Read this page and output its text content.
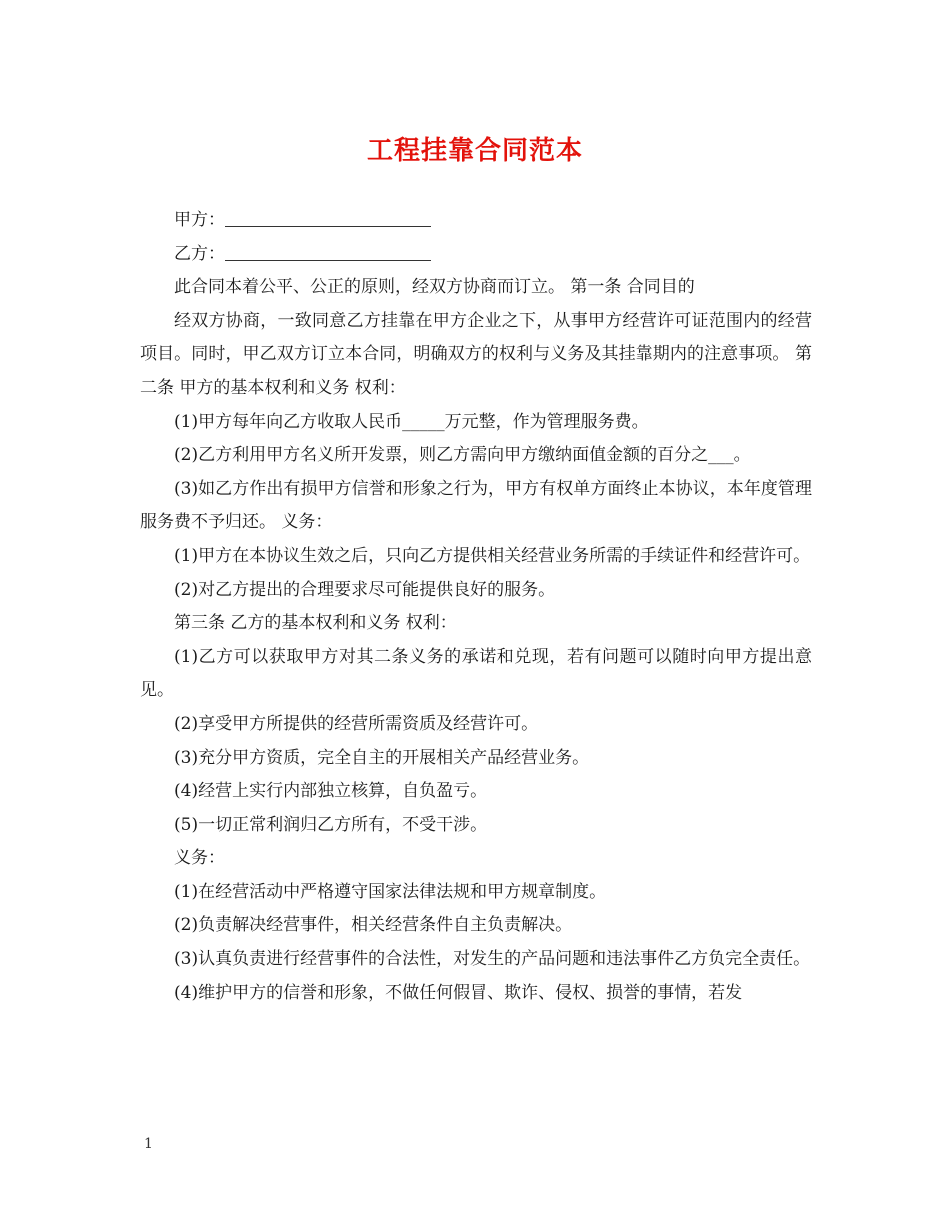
工程挂靠合同范本

甲方：

乙方：

此合同本着公平、公正的原则，经双方协商而订立。 第一条 合同目的

经双方协商，一致同意乙方挂靠在甲方企业之下，从事甲方经营许可证范围内的经营项目。同时，甲乙双方订立本合同，明确双方的权利与义务及其挂靠期内的注意事项。 第二条 甲方的基本权利和义务 权利：

(1)甲方每年向乙方收取人民币_____万元整，作为管理服务费。

(2)乙方利用甲方名义所开发票，则乙方需向甲方缴纳面值金额的百分之___。

(3)如乙方作出有损甲方信誉和形象之行为，甲方有权单方面终止本协议，本年度管理服务费不予归还。 义务：

(1)甲方在本协议生效之后，只向乙方提供相关经营业务所需的手续证件和经营许可。

(2)对乙方提出的合理要求尽可能提供良好的服务。

第三条 乙方的基本权利和义务 权利：

(1)乙方可以获取甲方对其二条义务的承诺和兑现，若有问题可以随时向甲方提出意见。

(2)享受甲方所提供的经营所需资质及经营许可。

(3)充分甲方资质，完全自主的开展相关产品经营业务。

(4)经营上实行内部独立核算，自负盈亏。

(5)一切正常利润归乙方所有，不受干涉。

义务：

(1)在经营活动中严格遵守国家法律法规和甲方规章制度。

(2)负责解决经营事件，相关经营条件自主负责解决。

(3)认真负责进行经营事件的合法性，对发生的产品问题和违法事件乙方负完全责任。

(4)维护甲方的信誉和形象，不做任何假冒、欺诈、侵权、损誉的事情，若发

1
